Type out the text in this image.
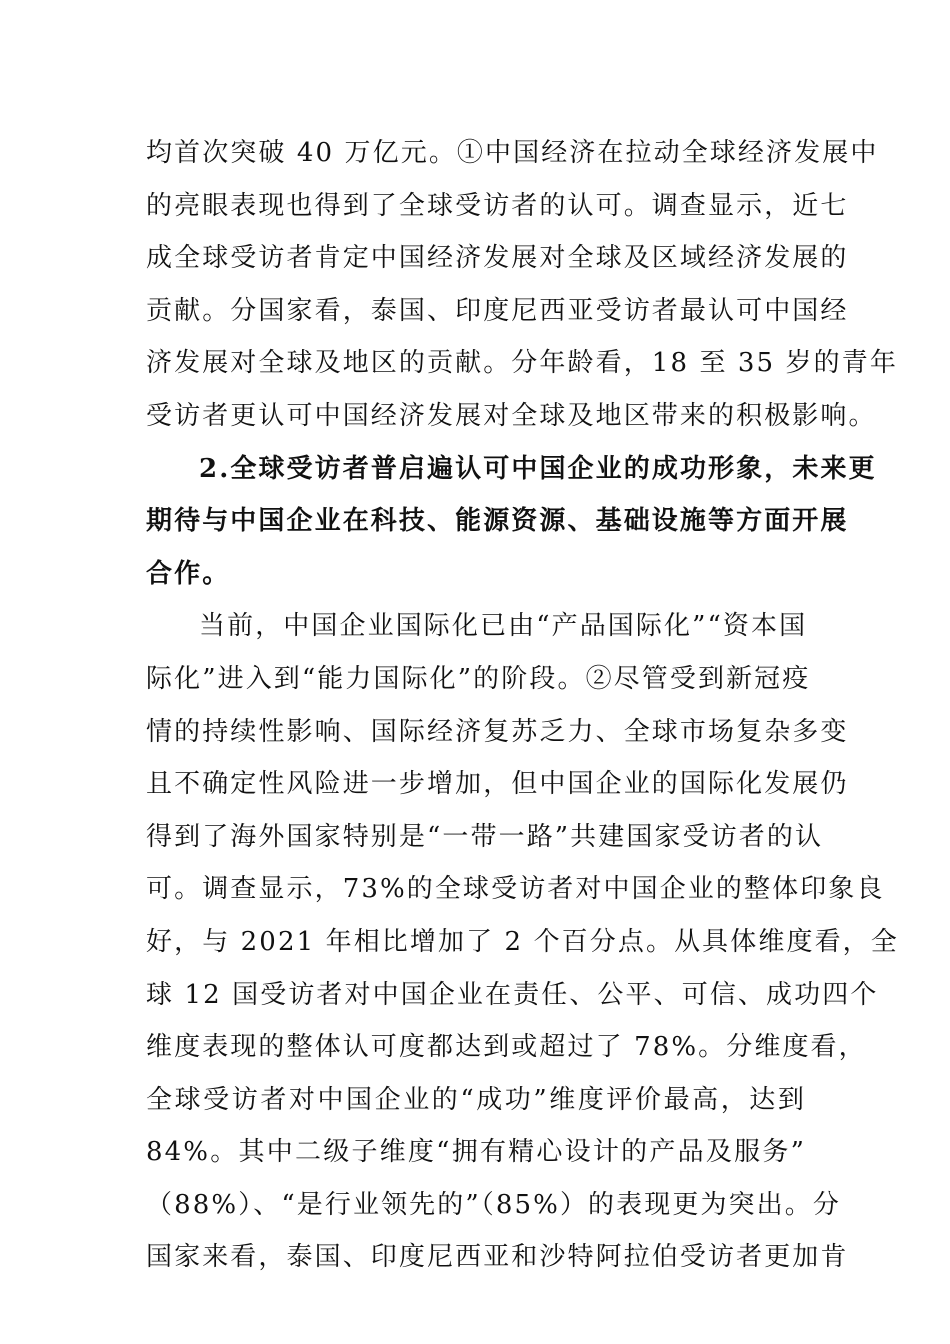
均首次突破 40 万亿元。①中国经济在拉动全球经济发展中
的亮眼表现也得到了全球受访者的认可。调查显示，近七
成全球受访者肯定中国经济发展对全球及区域经济发展的
贡献。分国家看，泰国、印度尼西亚受访者最认可中国经
济发展对全球及地区的贡献。分年龄看，18 至 35 岁的青年
受访者更认可中国经济发展对全球及地区带来的积极影响。
2.全球受访者普启遍认可中国企业的成功形象，未来更
期待与中国企业在科技、能源资源、基础设施等方面开展
合作。
当前，中国企业国际化已由“产品国际化”“资本国
际化”进入到“能力国际化”的阶段。②尽管受到新冠疫
情的持续性影响、国际经济复苏乏力、全球市场复杂多变
且不确定性风险进一步增加，但中国企业的国际化发展仍
得到了海外国家特别是“一带一路”共建国家受访者的认
可。调查显示，73%的全球受访者对中国企业的整体印象良
好，与 2021 年相比增加了 2 个百分点。从具体维度看，全
球 12 国受访者对中国企业在责任、公平、可信、成功四个
维度表现的整体认可度都达到或超过了 78%。分维度看，
全球受访者对中国企业的“成功”维度评价最高，达到
84%。其中二级子维度“拥有精心设计的产品及服务”
（88%）、“是行业领先的”（85%）的表现更为突出。分
国家来看，泰国、印度尼西亚和沙特阿拉伯受访者更加肯
